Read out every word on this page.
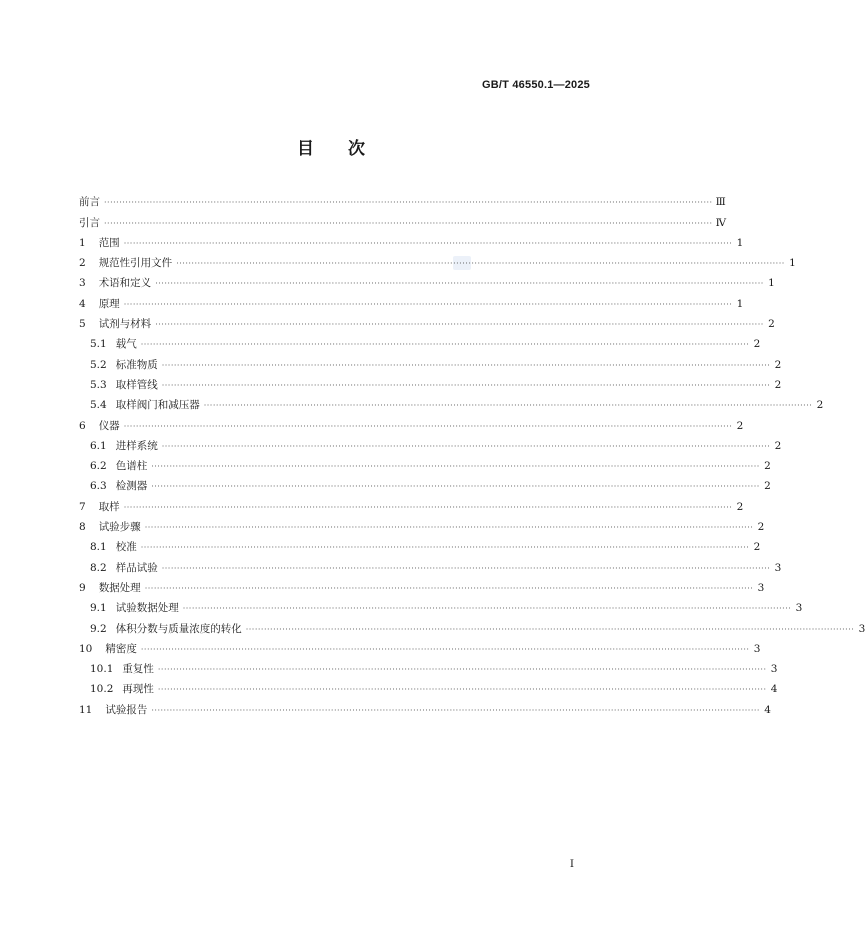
GB/T 46550.1—2025
目次
前言 ········································································································································································································ Ⅲ
引言 ········································································································································································································ Ⅳ
1 范围 ········································································································································································································ 1
2 规范性引用文件 ········································································································································································································ 1
3 术语和定义 ········································································································································································································ 1
4 原理 ········································································································································································································ 1
5 试剂与材料 ········································································································································································································ 2
5.1 载气 ········································································································································································································ 2
5.2 标准物质 ········································································································································································································ 2
5.3 取样管线 ········································································································································································································ 2
5.4 取样阀门和减压器 ········································································································································································································ 2
6 仪器 ········································································································································································································ 2
6.1 进样系统 ········································································································································································································ 2
6.2 色谱柱 ········································································································································································································ 2
6.3 检测器 ········································································································································································································ 2
7 取样 ········································································································································································································ 2
8 试验步骤 ········································································································································································································ 2
8.1 校准 ········································································································································································································ 2
8.2 样品试验 ········································································································································································································ 3
9 数据处理 ········································································································································································································ 3
9.1 试验数据处理 ········································································································································································································ 3
9.2 体积分数与质量浓度的转化 ········································································································································································································ 3
10 精密度 ········································································································································································································ 3
10.1 重复性 ········································································································································································································ 3
10.2 再现性 ········································································································································································································ 4
11 试验报告 ········································································································································································································ 4
I
